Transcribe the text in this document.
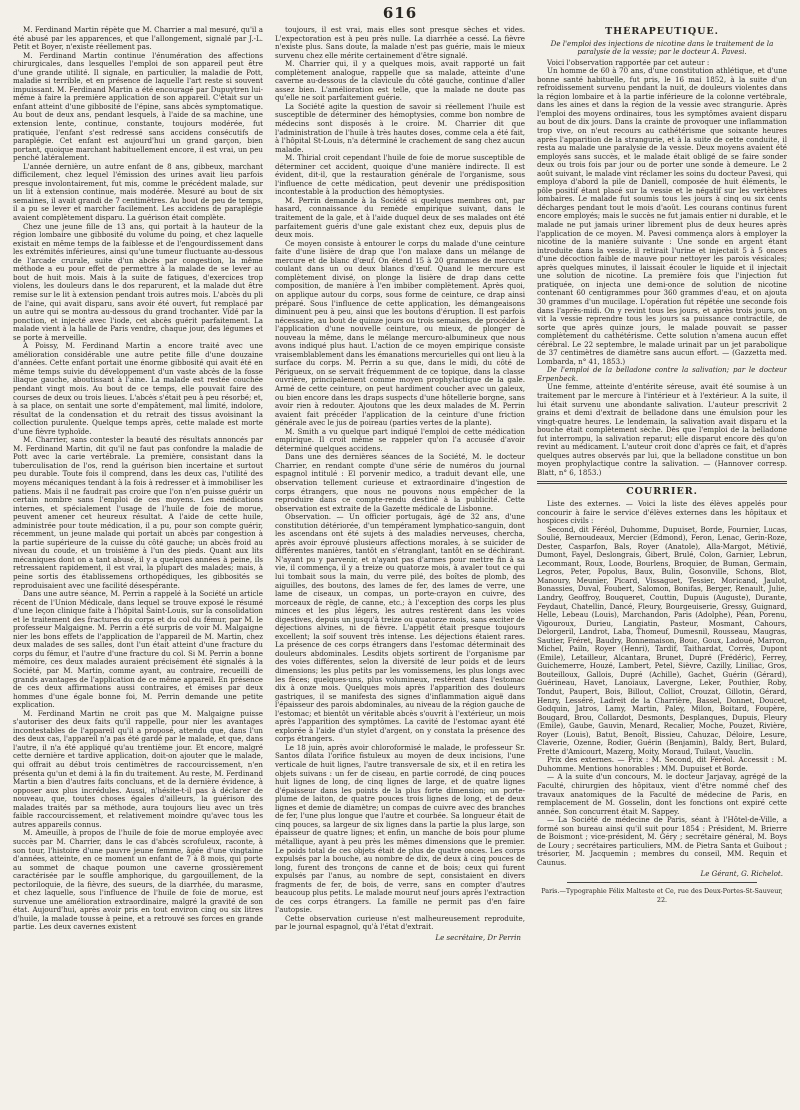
616

M. Ferdinand Martin répète que M. Charrier a mal mesuré, qu'il a été abusé par les apparences, et que l'allongement, signalé par J.-L. Petit et Boyer, n'existe réellement pas.

M. Ferdinand Martin continue l'énumération des affections chirurgicales, dans lesquelles l'emploi de son appareil peut être d'une grande utilité. Il signale, en particulier, la maladie de Pott, maladie si terrible, et en présence de laquelle l'art reste si souvent impuissant. M. Ferdinand Martin a été encouragé par Dupuytren lui-même à faire la première application de son appareil. C'était sur un enfant atteint d'une gibbosité de l'épine, sans abcès symptomatique. Au bout de deux ans, pendant lesquels, à l'aide de sa machine, une extension lente, continue, constante, toujours modérée, fut pratiquée, l'enfant s'est redressé sans accidens consécutifs de paraplégie. Cet enfant est aujourd'hui un grand garçon, bien portant, quoique marchant habituellement encore, il est vrai, un peu penché latéralement.

L'année dernière, un autre enfant de 8 ans, gibbeux, marchant difficilement, chez lequel l'émission des urines avait lieu parfois presque involontairement, fut mis, comme le précédent malade, sur un lit à extension continue, mais modérée. Mesuré au bout de six semaines, il avait grandi de 7 centimètres. Au bout de peu de temps, il a pu se lever et marcher facilement. Les accidens de paraplégie avaient complètement disparu. La guérison était complète.

Chez une jeune fille de 13 ans, qui portait à la hauteur de la région lombaire une gibbosité du volume du poing, et chez laquelle existait en même temps de la faiblesse et de l'engourdissement dans les extrémités inférieures, ainsi qu'une tumeur fluctuante au-dessous de l'arcade crurale, suite d'un abcès par congestion, la même méthode a eu pour effet de permettre à la malade de se lever au bout de huit mois. Mais à la suite de fatigues, d'exercices trop violens, les douleurs dans le dos reparurent, et la malade dut être remise sur le lit à extension pendant trois autres mois. L'abcès du pli de l'aine, qui avait disparu, sans avoir été ouvert, fut remplacé par un autre qui se montra au-dessous du grand trochanter. Vidé par la ponction, et injecté avec l'iode, cet abcès guérit parfaitement. La malade vient à la halle de Paris vendre, chaque jour, des légumes et se porte à merveille.

A Poissy, M. Ferdinand Martin a encore traité avec une amélioration considérable une autre petite fille d'une douzaine d'années. Cette enfant portait une énorme gibbosité qui avait été en même temps suivie du développement d'un vaste abcès de la fosse iliaque gauche, aboutissant à l'aine. La malade est restée couchée pendant vingt mois. Au bout de ce temps, elle pouvait faire des courses de deux ou trois lieues. L'abcès s'était peu à peu résorbé; et, à sa place, on sentait une sorte d'empâtement, mal limité, indolore, résultat de la condensation et du retrait des tissus avoisinant la collection purulente. Quelque temps après, cette malade est morte d'une fièvre typhoïde.

M. Charrier, sans contester la beauté des résultats annoncés par M. Ferdinand Martin, dit qu'il ne faut pas confondre la maladie de Pott avec la carie vertébrale. La première, consistant dans la tuberculisation de l'os, rend la guérison bien incertaine et surtout peu durable. Toute fois il comprend, dans les deux cas, l'utilité des moyens mécaniques tendant à la fois à redresser et à immobiliser les patiens. Mais il ne faudrait pas croire que l'on n'en puisse guérir un certain nombre sans l'emploi de ces moyens. Les médications internes, et spécialement l'usage de l'huile de foie de morue, peuvent amener cet heureux résultat. A l'aide de cette huile, administrée pour toute médication, il a pu, pour son compte guérir, récemment, un jeune malade qui portait un abcès par congestion à la partie supérieure de la cuisse du côté gauche; un abcès froid au niveau du coude, et un troisième à l'un des pieds. Quant aux lits mécaniques dont on a tant abusé, il y a quelques années à peine, ils retressaient rapidement, il est vrai, la plupart des malades; mais, à peine sortis des établissemens orthopédiques, les gibbosités se reproduisaient avec une facilité désespérante.

Dans une autre séance, M. Perrin a rappelé à la Société un article récent de l'Union Médicale, dans lequel se trouve exposé le résumé d'une leçon clinique faite à l'hôpital Saint-Louis, sur la consolidation et le traitement des fractures du corps et du col du fémur, par M. le professeur Malgaigne. M. Perrin a été surpris de voir M. Malgaigne nier les bons effets de l'application de l'appareil de M. Martin, chez deux malades de ses salles, dont l'un était atteint d'une fracture du corps du fémur, et l'autre d'une fracture du col. Si M. Perrin a bonne mémoire, ces deux malades auraient précisément été signalés à la Société, par M. Martin, comme ayant, au contraire, recueilli de grands avantages de l'application de ce même appareil. En présence de ces deux affirmations aussi contraires, et émises par deux hommes d'une égale bonne foi, M. Perrin demande une petite explication.

M. Ferdinand Martin ne croit pas que M. Malgaigne puisse s'autoriser des deux faits qu'il rappelle, pour nier les avantages incontestables de l'appareil qu'il a proposé, attendu que, dans l'un des deux cas, l'appareil n'a pas été gardé par le malade, et que, dans l'autre, il n'a été appliqué qu'au trentième jour. Et encore, malgré cette dernière et tardive application, doit-on ajouter que le malade, qui offrait au début trois centimètres de raccourcissement, n'en présenta qu'un et demi à la fin du traitement. Au reste, M. Ferdinand Martin a bien d'autres faits concluans, et de la dernière évidence, à opposer aux plus incrédules. Aussi, n'hésite-t-il pas à déclarer de nouveau, que, toutes choses égales d'ailleurs, la guérison des malades traités par sa méthode, aura toujours lieu avec un très faible raccourcissement, et relativement moindre qu'avec tous les autres appareils connus.

M. Ameuille, à propos de l'huile de foie de morue employée avec succès par M. Charrier, dans le cas d'abcès scrofuleux, raconte, à son tour, l'histoire d'une pauvre jeune femme, âgée d'une vingtaine d'années, atteinte, en ce moment un enfant de 7 à 8 mois, qui porte au sommet de chaque poumon une caverne grossièrement caractérisée par le souffle amphorique, du gargouillement, de la pectoriloquie, de la fièvre, des sueurs, de la diarrhée, du marasme, et chez laquelle, sous l'influence de l'huile de foie de morue, est survenue une amélioration extraordinaire, malgré la gravité de son état. Aujourd'hui, après avoir pris en tout environ cinq ou six litres d'huile, la malade tousse à peine, et a retrouvé ses forces en grande partie. Les deux cavernes existent

toujours, il est vrai, mais elles sont presque sèches et vides. L'expectoration est à peu près nulle. La diarrhée a cessé. La fièvre n'existe plus. Sans doute, la malade n'est pas guérie, mais le mieux survenu chez elle mérite certainement d'être signalé.

M. Charrier qui, il y a quelques mois, avait rapporté un fait complètement analogue, rappelle que sa malade, atteinte d'une caverne au-dessous de la clavicule du côté gauche, continue d'aller assez bien. L'amélioration est telle, que la malade ne doute pas qu'elle ne soit parfaitement guérie.

La Société agite la question de savoir si réellement l'huile est susceptible de déterminer des hémoptysies, comme bon nombre de médecins sont disposés à le croire. M. Charrier dit que l'administration de l'huile à très hautes doses, comme cela a été fait, à l'hôpital St-Louis, n'a déterminé le crachement de sang chez aucun malade.

M. Thirial croit cependant l'huile de foie de morue susceptible de déterminer cet accident, quoique d'une manière indirecte. Il est évident, dit-il, que la restauration générale de l'organisme, sous l'influence de cette médication, peut devenir une prédisposition incontestable à la production des hémoptysies.

M. Perrin demande à la Société si quelques membres ont, par hasard, connaissance du remède empirique suivant, dans le traitement de la gale, et à l'aide duquel deux de ses malades ont été parfaitement guéris d'une gale existant chez eux, depuis plus de deux mois.

Ce moyen consiste à entourer le corps du malade d'une ceinture faite d'une lisière de drap que l'on malaxe dans un mélange de mercure et de blanc d'œuf. On étend 15 à 20 grammes de mercure coulant dans un ou deux blancs d'œuf. Quand le mercure est complètement divisé, on plonge la lisière de drap dans cette composition, de manière à l'en imbiber complètement. Après quoi, on applique autour du corps, sous forme de ceinture, ce drap ainsi préparé. Sous l'influence de cette application, les démangeaisons diminuent peu à peu, ainsi que les boutons d'éruption. Il est parfois nécessaire, au bout de quinze jours ou trois semaines, de procéder à l'application d'une nouvelle ceinture, ou mieux, de plonger de nouveau la même, dans le mélange mercuro-albumineux que nous avons indiqué plus haut. L'action de ce moyen empirique consiste vraisemblablement dans les émanations mercurielles qui ont lieu à la surface du corps. M. Perrin a su que, dans le midi, du côté de Périgueux, on se servait fréquemment de ce topique, dans la classe ouvrière, principalement comme moyen prophylactique de la gale. Armé de cette ceinture, on peut hardiment coucher avec un galeux, ou bien encore dans les draps suspects d'une hôtellerie borgne, sans avoir rien à redouter. Ajoutons que les deux malades de M. Perrin avaient fait précéder l'application de la ceinture d'une friction générale avec le jus de poireau (parties vertes de la plante).

M. Smith a vu quelque part indiqué l'emploi de cette médication empirique. Il croit même se rappeler qu'on l'a accusée d'avoir déterminé quelques accidens.

Dans une des dernières séances de la Société, M. le docteur Charrier, en rendant compte d'une série de numéros du journal espagnol intitulé : El porvenir medico, a traduit devant elle, une observation tellement curieuse et extraordinaire d'ingestion de corps étrangers, que nous ne pouvons nous empêcher de la reproduire dans ce compte-rendu destiné à la publicité. Cette observation est extraite de la Gazette médicale de Lisbonne.

Observation. — Un officier portugais, âgé de 32 ans, d'une constitution détériorée, d'un tempérament lymphatico-sanguin, dont les ascendans ont été sujets à des maladies nerveuses, chercha, après avoir éprouvé plusieurs affections morales, à se suicider de différentes manières, tantôt en s'étranglant, tantôt en se déchirant. N'ayant pu y parvenir, et n'ayant pas d'armes pour mettre fin à sa vie, il commença, il y a treize ou quatorze mois, à avaler tout ce qui lui tombait sous la main, du verre pilé, des boîtes de plomb, des aiguilles, des boutons, des lames de fer, des lames de verre, une lame de ciseaux, un compas, un porte-crayon en cuivre, des morceaux de règle, de canne, etc.; à l'exception des corps les plus minces et les plus légers, les autres restèrent dans les voies digestives, depuis un jusqu'à treize ou quatorze mois, sans exciter de déjections alvines, ni de fièvre. L'appétit était presque toujours excellent; la soif souvent très intense. Les déjections étaient rares. La présence de ces corps étrangers dans l'estomac déterminait des douleurs abdominales. Lesdits objets sortirent de l'organisme par des voies différentes, selon la diversité de leur poids et de leurs dimensions; les plus petits par les vomissemens, les plus longs avec les fèces; quelques-uns, plus volumineux, restèrent dans l'estomac dix à onze mois. Quelques mois après l'apparition des douleurs gastriques, il se manifesta des signes d'inflammation aiguë dans l'épaisseur des parois abdominales, au niveau de la région gauche de l'estomac; et bientôt un véritable abcès s'ouvrit à l'extérieur, un mois après l'apparition des symptômes. La cavité de l'estomac ayant été explorée à l'aide d'un stylet d'argent, on y constata la présence des corps étrangers.

Le 18 juin, après avoir chloroformisé le malade, le professeur Sr. Santos dilata l'orifice fistuleux au moyen de deux incisions, l'une verticale de huit lignes, l'autre transversale de six, et il en retira les objets suivans : un fer de ciseau, en partie corrodé, de cinq pouces huit lignes de long, de cinq lignes de large, et de quatre lignes d'épaisseur dans les points de la plus forte dimension; un porte-plume de laiton, de quatre pouces trois lignes de long, et de deux lignes et demie de diamètre; un compas de cuivre avec des branches de fer, l'une plus longue que l'autre et courbée. Sa longueur était de cinq pouces, sa largeur de six lignes dans la partie la plus large, son épaisseur de quatre lignes; et enfin, un manche de bois pour plume métallique, ayant à peu près les mêmes dimensions que le premier. Le poids total de ces objets était de plus de quatre onces. Les corps expulsés par la bouche, au nombre de dix, de deux à cinq pouces de long, furent des tronçons de canne et de bois; ceux qui furent expulsés par l'anus, au nombre de sept, consistaient en divers fragments de fer, de bois, de verre, sans en compter d'autres beaucoup plus petits. Le malade mourut neuf jours après l'extraction de ces corps étrangers. La famille ne permit pas d'en faire l'autopsie.

Cette observation curieuse n'est malheureusement reproduite, par le journal espagnol, qu'à l'état d'extrait.

Le secrétaire, Dr Perrin
THÉRAPEUTIQUE.
De l'emploi des injections de nicotine dans le traitement de la paralysie de la vessie; par le docteur A. Pavesi.

Voici l'observation rapportée par cet auteur :

Un homme de 60 à 70 ans, d'une constitution athlétique, et d'une bonne santé habituelle, fut pris, le 16 mai 1852, à la suite d'un refroidissement survenu pendant la nuit, de douleurs violentes dans la région lombaire et à la partie inférieure de la colonne vertébrale, dans les aines et dans la région de la vessie avec strangurie. Après l'emploi des moyens ordinaires, tous les symptômes avaient disparu au bout de dix jours. Dans la crainte de provoquer une inflammation trop vive, on n'eut recours au cathétérisme que soixante heures après l'apparition de la strangurie, et à la suite de cette conduite, il resta au malade une paralysie de la vessie. Deux moyens avaient été employés sans succès, et le malade était obligé de se faire sonder deux ou trois fois par jour ou de porter une sonde à demeure. Le 2 août suivant, le malade vint réclamer les soins du docteur Pavesi, qui employa d'abord la pile de Daniell, composée de huit éléments, le pôle positif étant placé sur la vessie et le négatif sur les vertèbres lombaires. Le malade fut soumis tous les jours à cinq ou six cents décharges pendant tout le mois d'août. Les courans continus furent encore employés; mais le succès ne fut jamais entier ni durable, et le malade ne put jamais uriner librement plus de deux heures après l'application de ce moyen. M. Pavesi commença alors à employer la nicotine de la manière suivante : Une sonde en argent étant introduite dans la vessie, il retirait l'urine et injectait 5 à 5 onces d'une décoction faible de mauve pour nettoyer les parois vésicales; après quelques minutes, il laissait écouler le liquide et il injectait une solution de nicotine. La première fois que l'injection fut pratiquée, on injecta une demi-once de solution de nicotine contenant 60 centigrammes pour 360 grammes d'eau, et on ajouta 30 grammes d'un mucilage. L'opération fut répétée une seconde fois dans l'après-midi. On y revint tous les jours, et après trois jours, on vit la vessie reprendre tous les jours sa puissance contractile, de sorte que après quinze jours, le malade pouvait se passer complètement du cathétérisme. Cette solution n'amena aucun effet cérébral. Le 22 septembre, le malade urinait par un jet parabolique de 37 centimètres de diamètre sans aucun effort. — (Gazzetta med. Lombarda, n° 41, 1853.)

De l'emploi de la belladone contre la salivation; par le docteur Erpenbeck.

Une femme, atteinte d'entérite séreuse, avait été soumise à un traitement par le mercure à l'intérieur et à l'extérieur. A la suite, il lui était survenu une abondante salivation. L'auteur prescrivit 2 grains et demi d'extrait de belladone dans une émulsion pour les vingt-quatre heures. Le lendemain, la salivation avait disparu et la bouche était complètement sèche. Dès que l'emploi de la belladone fut interrompu, la salivation reparut; elle disparut encore dès qu'on revint au médicament. L'auteur croit donc d'après ce fait, et d'après quelques autres observés par lui, que la belladone constitue un bon moyen prophylactique contre la salivation. — (Hannover corresp. Blatt, n° 6, 1853.)

COURRIER.

Liste des externes. — Voici la liste des élèves appelés pour concourir à faire le service d'élèves externes dans les hôpitaux et hospices civils :

Second, dit Féréol, Duhomme, Dupuiset, Borde, Fournier, Lucas, Soulié, Bernoudeaux, Mercier (Edmond), Feron, Lenac, Gerin-Roze, Dester, Casparfon, Bals, Royer (Anatole), Alla-Margot, Métivié, Dumont, Fayel, Deslongrais, Gibert, Brulé, Colon, Garnier, Lebrun, Lecommant, Roux, Loode, Bourlens, Broquier, de Buman, Germain, Legros, Peter, Popolus, Baux, Bulin, Gosonville, Schons, Blot, Manoury, Meunier, Picard, Vissaguet, Tessier, Moricand, Jaulot, Bonassies, Duval, Foubert, Salomon, Bonifas, Berger, Renault, Julie, Landry, Geoffroy, Bouqueret, Couttin, Dupuis (Auguste), Durante, Feydaut, Chatellin, Dancé, Fleury, Bourgeuiserie, Gressy, Guignard, Helle, Lebeau (Louis), Marchandon, Paris (Adolphe), Péan, Porenu, Vigouroux, Durieu, Langiatin, Pasteur, Mosmant, Cahours, Delorgeril, Landrot, Laba, Thomeuf, Dumesnil, Rousseau, Maugras, Sautier, Fréret, Baudry, Bonnemaison, Bouc, Goux, Ladoué, Marron, Michel, Pailn, Royer (Henri), Tardif, Taithardat, Corrès, Dupont (Emile), Letailleur, Alcantara, Brunet, Dupré (Frédéric), Ferrey, Guichemerre, Houzé, Lambert, Petel, Sièvre, Cazilly, Liniliac, Gros, Bouteilloux, Gallois, Dupré (Achille), Gachet, Guérin (Gérard), Guérineau, Havet, Lanoiaux, Lavergne, Leker, Pouthier, Roby, Tondut, Paupert, Bois, Billout, Colliot, Crouzat, Gillotin, Gérard, Henry, Lesséré, Ladreit de la Charrière, Bassel, Donnet, Doucet, Godquin, Jatros, Lamy, Martin, Paley, Milon, Boitard, Foupère, Bougard, Brou, Collardot, Desmonts, Desplanques, Dupuis, Fleury (Emile), Gaube, Gauvin, Menard, Recalier, Moche, Pouzet, Rivière, Royer (Louis), Batut, Benoît, Bissieu, Cahuzac, Déloire, Lesure, Claverie, Ozenne, Rodier, Guérin (Benjamin), Baldy, Bert, Bulard, Frette d'Amicourt, Mazerg, Moity, Moraud, Tuilaut, Vauclin.

Prix des externes. — Prix : M. Second, dit Féréol. Accessit : M. Duhomme. Mentions honorables : MM. Dupuiset et Borde.

— A la suite d'un concours, M. le docteur Jarjavay, agrégé de la Faculté, chirurgien des hôpitaux, vient d'être nommé chef des travaux anatomiques de la Faculté de médecine de Paris, en remplacement de M. Gosselin, dont les fonctions ont expiré cette année. Son concurrent était M. Sappey.

— La Société de médecine de Paris, séant à l'Hôtel-de-Ville, a formé son bureau ainsi qu'il suit pour 1854 : Président, M. Brierre de Boismont ; vice-président, M. Géry ; secrétaire général, M. Boys de Loury ; secrétaires particuliers, MM. de Pietra Santa et Guibout ; trésorier, M. Jacquemin ; membres du conseil, MM. Requin et Caunus.

Le Gérant, G. Richelot.
Paris.—Typographie Félix Malteste et Ce, rue des Deux-Portes-St-Sauveur, 22.
